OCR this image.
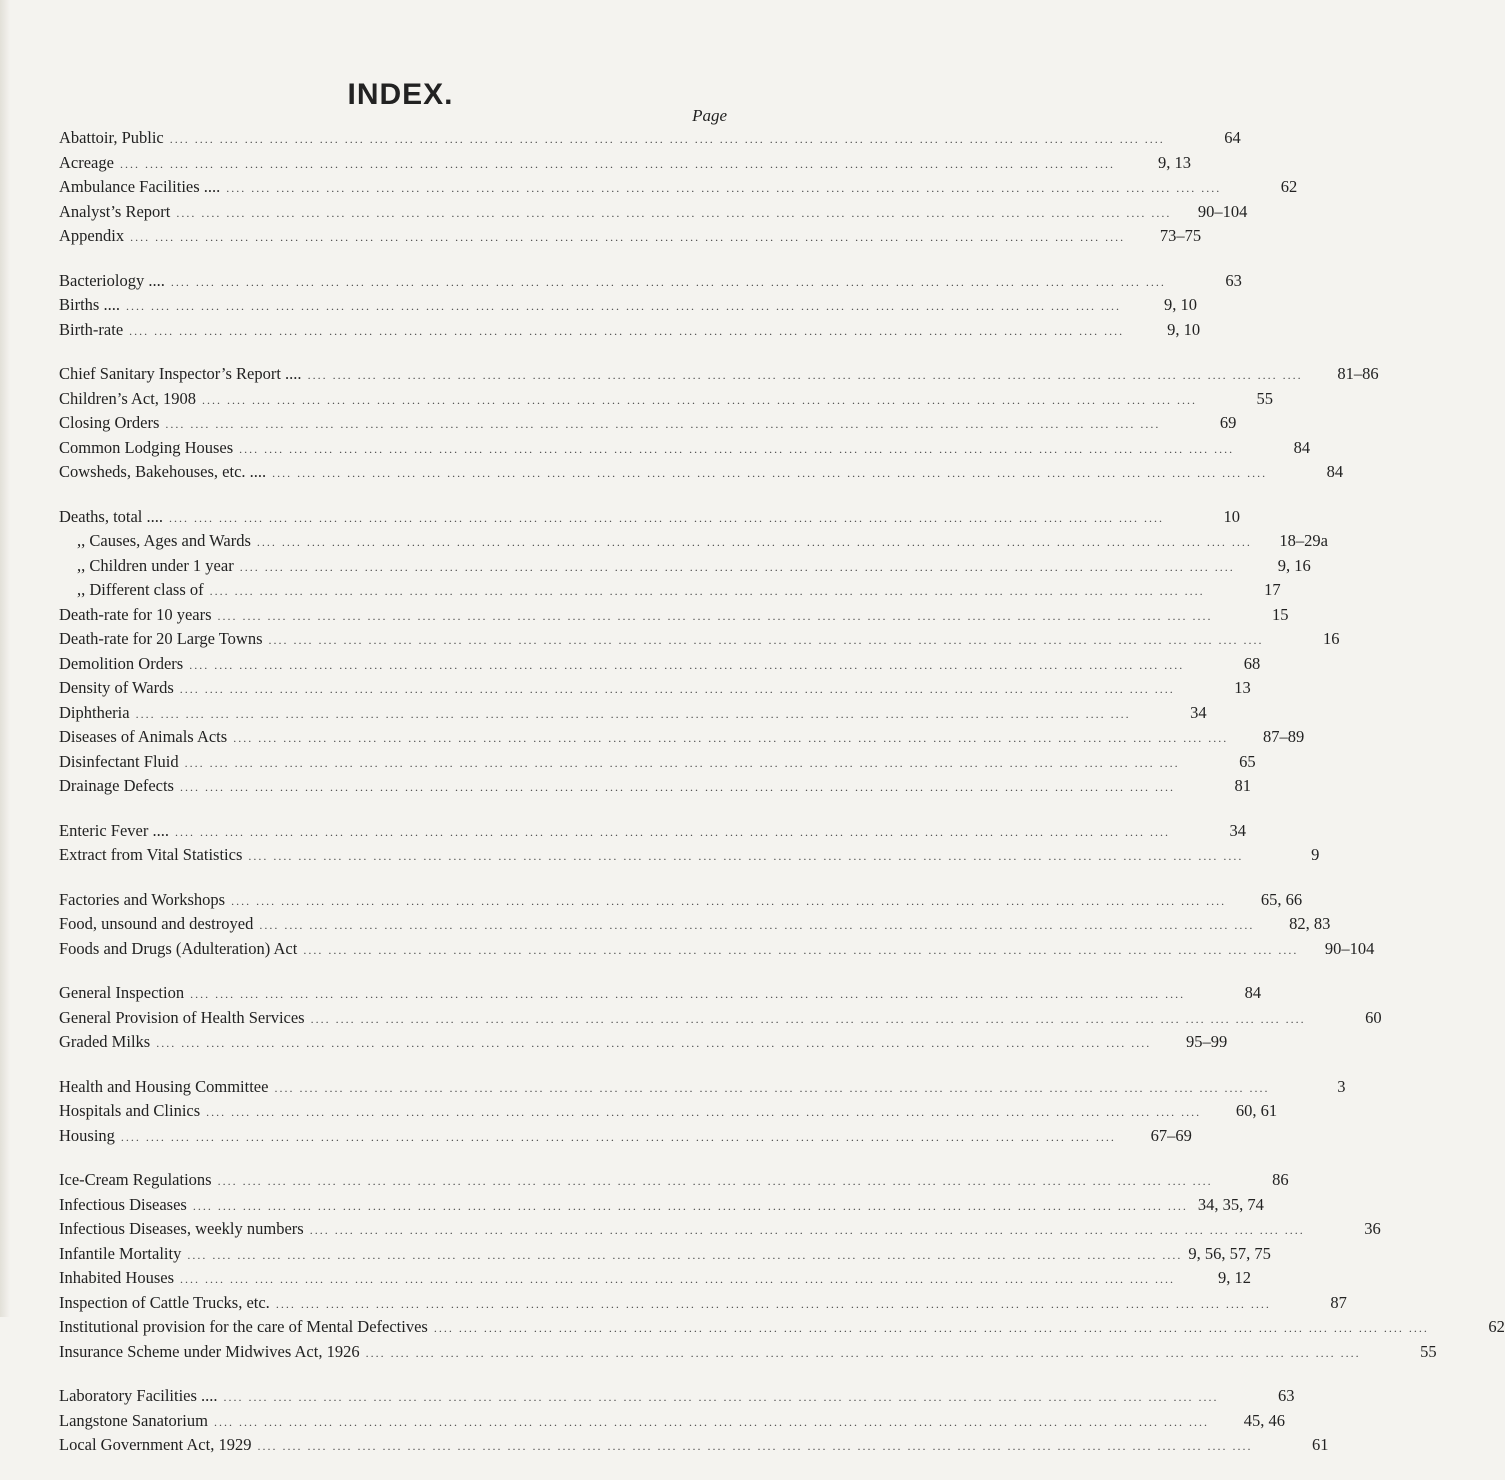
INDEX.
Page
Abattoir, Public .... .... .... .... .... .... .... .... .... .... .... .... .... .... .... .... .... .... .... .... .... .... .... .... .... .... .... .... .... .... .... .... .... .... .... .... .... .... .... ....	64
Acreage .... .... .... .... .... .... .... .... .... .... .... .... .... .... .... .... .... .... .... .... .... .... .... .... .... .... .... .... .... .... .... .... .... .... .... .... .... .... .... ....	9, 13
Ambulance Facilities .... .... .... .... .... .... .... .... .... .... .... .... .... .... .... .... .... .... .... .... .... .... .... .... .... .... .... .... .... .... .... .... .... .... .... .... .... .... .... .... ....	62
Analyst’s Report .... .... .... .... .... .... .... .... .... .... .... .... .... .... .... .... .... .... .... .... .... .... .... .... .... .... .... .... .... .... .... .... .... .... .... .... .... .... .... ....	90–104
Appendix .... .... .... .... .... .... .... .... .... .... .... .... .... .... .... .... .... .... .... .... .... .... .... .... .... .... .... .... .... .... .... .... .... .... .... .... .... .... .... ....	73–75
Bacteriology .... .... .... .... .... .... .... .... .... .... .... .... .... .... .... .... .... .... .... .... .... .... .... .... .... .... .... .... .... .... .... .... .... .... .... .... .... .... .... .... ....	63
Births .... .... .... .... .... .... .... .... .... .... .... .... .... .... .... .... .... .... .... .... .... .... .... .... .... .... .... .... .... .... .... .... .... .... .... .... .... .... .... .... ....	9, 10
Birth-rate .... .... .... .... .... .... .... .... .... .... .... .... .... .... .... .... .... .... .... .... .... .... .... .... .... .... .... .... .... .... .... .... .... .... .... .... .... .... .... ....	9, 10
Chief Sanitary Inspector’s Report .... .... .... .... .... .... .... .... .... .... .... .... .... .... .... .... .... .... .... .... .... .... .... .... .... .... .... .... .... .... .... .... .... .... .... .... .... .... .... .... ....	81–86
Children’s Act, 1908 .... .... .... .... .... .... .... .... .... .... .... .... .... .... .... .... .... .... .... .... .... .... .... .... .... .... .... .... .... .... .... .... .... .... .... .... .... .... .... ....	55
Closing Orders .... .... .... .... .... .... .... .... .... .... .... .... .... .... .... .... .... .... .... .... .... .... .... .... .... .... .... .... .... .... .... .... .... .... .... .... .... .... .... ....	69
Common Lodging Houses .... .... .... .... .... .... .... .... .... .... .... .... .... .... .... .... .... .... .... .... .... .... .... .... .... .... .... .... .... .... .... .... .... .... .... .... .... .... .... ....	84
Cowsheds, Bakehouses, etc. .... .... .... .... .... .... .... .... .... .... .... .... .... .... .... .... .... .... .... .... .... .... .... .... .... .... .... .... .... .... .... .... .... .... .... .... .... .... .... .... ....	84
Deaths, total .... .... .... .... .... .... .... .... .... .... .... .... .... .... .... .... .... .... .... .... .... .... .... .... .... .... .... .... .... .... .... .... .... .... .... .... .... .... .... .... ....	10
,, Causes, Ages and Wards .... .... .... .... .... .... .... .... .... .... .... .... .... .... .... .... .... .... .... .... .... .... .... .... .... .... .... .... .... .... .... .... .... .... .... .... .... .... .... ....	18–29a
,, Children under 1 year .... .... .... .... .... .... .... .... .... .... .... .... .... .... .... .... .... .... .... .... .... .... .... .... .... .... .... .... .... .... .... .... .... .... .... .... .... .... .... ....	9, 16
,, Different class of .... .... .... .... .... .... .... .... .... .... .... .... .... .... .... .... .... .... .... .... .... .... .... .... .... .... .... .... .... .... .... .... .... .... .... .... .... .... .... ....	17
Death-rate for 10 years .... .... .... .... .... .... .... .... .... .... .... .... .... .... .... .... .... .... .... .... .... .... .... .... .... .... .... .... .... .... .... .... .... .... .... .... .... .... .... ....	15
Death-rate for 20 Large Towns .... .... .... .... .... .... .... .... .... .... .... .... .... .... .... .... .... .... .... .... .... .... .... .... .... .... .... .... .... .... .... .... .... .... .... .... .... .... .... ....	16
Demolition Orders .... .... .... .... .... .... .... .... .... .... .... .... .... .... .... .... .... .... .... .... .... .... .... .... .... .... .... .... .... .... .... .... .... .... .... .... .... .... .... ....	68
Density of Wards .... .... .... .... .... .... .... .... .... .... .... .... .... .... .... .... .... .... .... .... .... .... .... .... .... .... .... .... .... .... .... .... .... .... .... .... .... .... .... ....	13
Diphtheria .... .... .... .... .... .... .... .... .... .... .... .... .... .... .... .... .... .... .... .... .... .... .... .... .... .... .... .... .... .... .... .... .... .... .... .... .... .... .... ....	34
Diseases of Animals Acts .... .... .... .... .... .... .... .... .... .... .... .... .... .... .... .... .... .... .... .... .... .... .... .... .... .... .... .... .... .... .... .... .... .... .... .... .... .... .... ....	87–89
Disinfectant Fluid .... .... .... .... .... .... .... .... .... .... .... .... .... .... .... .... .... .... .... .... .... .... .... .... .... .... .... .... .... .... .... .... .... .... .... .... .... .... .... ....	65
Drainage Defects .... .... .... .... .... .... .... .... .... .... .... .... .... .... .... .... .... .... .... .... .... .... .... .... .... .... .... .... .... .... .... .... .... .... .... .... .... .... .... ....	81
Enteric Fever .... .... .... .... .... .... .... .... .... .... .... .... .... .... .... .... .... .... .... .... .... .... .... .... .... .... .... .... .... .... .... .... .... .... .... .... .... .... .... .... ....	34
Extract from Vital Statistics .... .... .... .... .... .... .... .... .... .... .... .... .... .... .... .... .... .... .... .... .... .... .... .... .... .... .... .... .... .... .... .... .... .... .... .... .... .... .... ....	9
Factories and Workshops .... .... .... .... .... .... .... .... .... .... .... .... .... .... .... .... .... .... .... .... .... .... .... .... .... .... .... .... .... .... .... .... .... .... .... .... .... .... .... ....	65, 66
Food, unsound and destroyed .... .... .... .... .... .... .... .... .... .... .... .... .... .... .... .... .... .... .... .... .... .... .... .... .... .... .... .... .... .... .... .... .... .... .... .... .... .... .... ....	82, 83
Foods and Drugs (Adulteration) Act .... .... .... .... .... .... .... .... .... .... .... .... .... .... .... .... .... .... .... .... .... .... .... .... .... .... .... .... .... .... .... .... .... .... .... .... .... .... .... ....	90–104
General Inspection .... .... .... .... .... .... .... .... .... .... .... .... .... .... .... .... .... .... .... .... .... .... .... .... .... .... .... .... .... .... .... .... .... .... .... .... .... .... .... ....	84
General Provision of Health Services .... .... .... .... .... .... .... .... .... .... .... .... .... .... .... .... .... .... .... .... .... .... .... .... .... .... .... .... .... .... .... .... .... .... .... .... .... .... .... ....	60
Graded Milks .... .... .... .... .... .... .... .... .... .... .... .... .... .... .... .... .... .... .... .... .... .... .... .... .... .... .... .... .... .... .... .... .... .... .... .... .... .... .... ....	95–99
Health and Housing Committee .... .... .... .... .... .... .... .... .... .... .... .... .... .... .... .... .... .... .... .... .... .... .... .... .... .... .... .... .... .... .... .... .... .... .... .... .... .... .... ....	3
Hospitals and Clinics .... .... .... .... .... .... .... .... .... .... .... .... .... .... .... .... .... .... .... .... .... .... .... .... .... .... .... .... .... .... .... .... .... .... .... .... .... .... .... ....	60, 61
Housing .... .... .... .... .... .... .... .... .... .... .... .... .... .... .... .... .... .... .... .... .... .... .... .... .... .... .... .... .... .... .... .... .... .... .... .... .... .... .... ....	67–69
Ice-Cream Regulations .... .... .... .... .... .... .... .... .... .... .... .... .... .... .... .... .... .... .... .... .... .... .... .... .... .... .... .... .... .... .... .... .... .... .... .... .... .... .... ....	86
Infectious Diseases .... .... .... .... .... .... .... .... .... .... .... .... .... .... .... .... .... .... .... .... .... .... .... .... .... .... .... .... .... .... .... .... .... .... .... .... .... .... .... .... 34, 35, 74
Infectious Diseases, weekly numbers .... .... .... .... .... .... .... .... .... .... .... .... .... .... .... .... .... .... .... .... .... .... .... .... .... .... .... .... .... .... .... .... .... .... .... .... .... .... .... ....	36
Infantile Mortality .... .... .... .... .... .... .... .... .... .... .... .... .... .... .... .... .... .... .... .... .... .... .... .... .... .... .... .... .... .... .... .... .... .... .... .... .... .... .... .... 9, 56, 57, 75
Inhabited Houses .... .... .... .... .... .... .... .... .... .... .... .... .... .... .... .... .... .... .... .... .... .... .... .... .... .... .... .... .... .... .... .... .... .... .... .... .... .... .... ....	9, 12
Inspection of Cattle Trucks, etc. .... .... .... .... .... .... .... .... .... .... .... .... .... .... .... .... .... .... .... .... .... .... .... .... .... .... .... .... .... .... .... .... .... .... .... .... .... .... .... ....	87
Institutional provision for the care of Mental Defectives .... .... .... .... .... .... .... .... .... .... .... .... .... .... .... .... .... .... .... .... .... .... .... .... .... .... .... .... .... .... .... .... .... .... .... .... .... .... .... ....	62
Insurance Scheme under Midwives Act, 1926 .... .... .... .... .... .... .... .... .... .... .... .... .... .... .... .... .... .... .... .... .... .... .... .... .... .... .... .... .... .... .... .... .... .... .... .... .... .... .... ....	55
Laboratory Facilities .... .... .... .... .... .... .... .... .... .... .... .... .... .... .... .... .... .... .... .... .... .... .... .... .... .... .... .... .... .... .... .... .... .... .... .... .... .... .... .... ....	63
Langstone Sanatorium .... .... .... .... .... .... .... .... .... .... .... .... .... .... .... .... .... .... .... .... .... .... .... .... .... .... .... .... .... .... .... .... .... .... .... .... .... .... .... ....	45, 46
Local Government Act, 1929 .... .... .... .... .... .... .... .... .... .... .... .... .... .... .... .... .... .... .... .... .... .... .... .... .... .... .... .... .... .... .... .... .... .... .... .... .... .... .... ....	61
